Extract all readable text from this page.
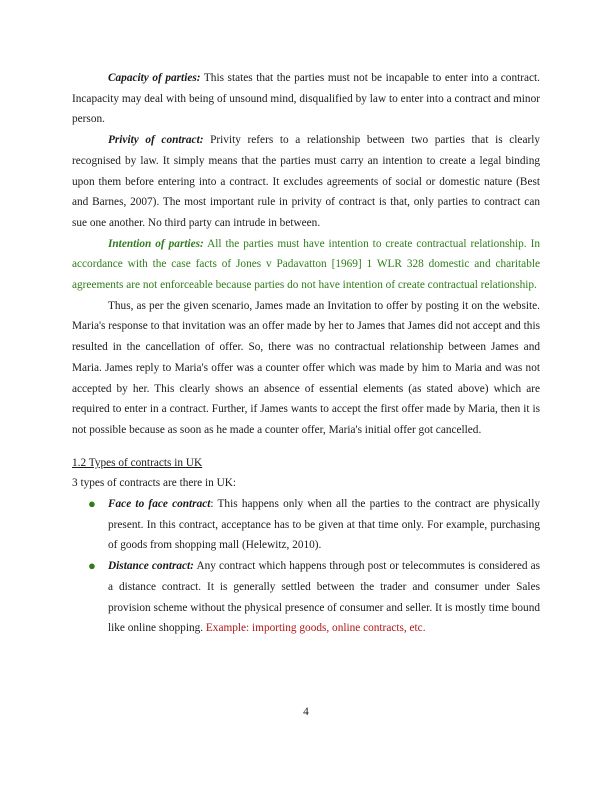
Capacity of parties: This states that the parties must not be incapable to enter into a contract. Incapacity may deal with being of unsound mind, disqualified by law to enter into a contract and minor person.

Privity of contract: Privity refers to a relationship between two parties that is clearly recognised by law. It simply means that the parties must carry an intention to create a legal binding upon them before entering into a contract. It excludes agreements of social or domestic nature (Best and Barnes, 2007). The most important rule in privity of contract is that, only parties to contract can sue one another. No third party can intrude in between.

Intention of parties: All the parties must have intention to create contractual relationship. In accordance with the case facts of Jones v Padavatton [1969] 1 WLR 328 domestic and charitable agreements are not enforceable because parties do not have intention of create contractual relationship.

Thus, as per the given scenario, James made an Invitation to offer by posting it on the website. Maria's response to that invitation was an offer made by her to James that James did not accept and this resulted in the cancellation of offer. So, there was no contractual relationship between James and Maria. James reply to Maria's offer was a counter offer which was made by him to Maria and was not accepted by her. This clearly shows an absence of essential elements (as stated above) which are required to enter in a contract. Further, if James wants to accept the first offer made by Maria, then it is not possible because as soon as he made a counter offer, Maria's initial offer got cancelled.

1.2 Types of contracts in UK

3 types of contracts are there in UK:

● Face to face contract: This happens only when all the parties to the contract are physically present. In this contract, acceptance has to be given at that time only. For example, purchasing of goods from shopping mall (Helewitz, 2010).
● Distance contract: Any contract which happens through post or telecommutes is considered as a distance contract. It is generally settled between the trader and consumer under Sales provision scheme without the physical presence of consumer and seller. It is mostly time bound like online shopping. Example: importing goods, online contracts, etc.
4
